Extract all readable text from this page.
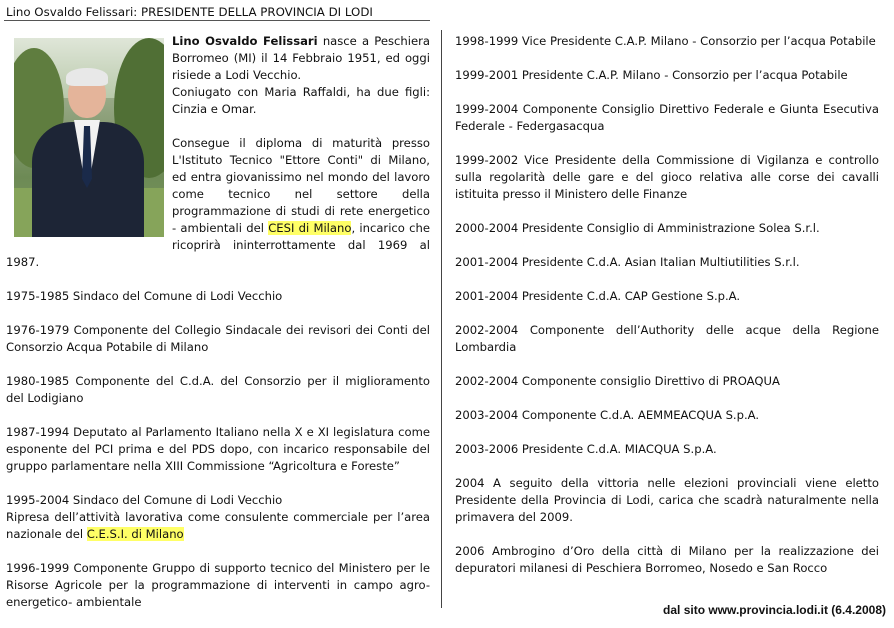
Lino Osvaldo Felissari: PRESIDENTE DELLA PROVINCIA DI LODI

Lino Osvaldo Felissari nasce a Peschiera Borromeo (MI) il 14 Febbraio 1951, ed oggi risiede a Lodi Vecchio.

Coniugato con Maria Raffaldi, ha due figli: Cinzia e Omar.

Consegue il diploma di maturità presso L'Istituto Tecnico "Ettore Conti" di Milano, ed entra giovanissimo nel mondo del lavoro come tecnico nel settore della programmazione di studi di rete energetico - ambientali del CESI di Milano, incarico che ricoprirà ininterrottamente dal 1969 al 1987.

1975-1985 Sindaco del Comune di Lodi Vecchio

1976-1979 Componente del Collegio Sindacale dei revisori dei Conti del Consorzio Acqua Potabile di Milano

1980-1985 Componente del C.d.A. del Consorzio per il miglioramento del Lodigiano

1987-1994 Deputato al Parlamento Italiano nella X e XI legislatura come esponente del PCI prima e del PDS dopo, con incarico responsabile del gruppo parlamentare nella XIII Commissione “Agricoltura e Foreste”

1995-2004 Sindaco del Comune di Lodi Vecchio
Ripresa dell’attività lavorativa come consulente commerciale per l’area nazionale del C.E.S.I. di Milano

1996-1999 Componente Gruppo di supporto tecnico del Ministero per le Risorse Agricole per la programmazione di interventi in campo agro-energetico- ambientale

1998-1999 Vice Presidente C.A.P. Milano - Consorzio per l’acqua Potabile

1999-2001 Presidente C.A.P. Milano - Consorzio per l’acqua Potabile

1999-2004 Componente Consiglio Direttivo Federale e Giunta Esecutiva Federale - Federgasacqua

1999-2002 Vice Presidente della Commissione di Vigilanza e controllo sulla regolarità delle gare e del gioco relativa alle corse dei cavalli istituita presso il Ministero delle Finanze

2000-2004 Presidente Consiglio di Amministrazione Solea S.r.l.

2001-2004 Presidente C.d.A. Asian Italian Multiutilities S.r.l.

2001-2004 Presidente C.d.A. CAP Gestione S.p.A.

2002-2004 Componente dell’Authority delle acque della Regione Lombardia

2002-2004 Componente consiglio Direttivo di PROAQUA

2003-2004 Componente C.d.A. AEMMEACQUA S.p.A.

2003-2006 Presidente C.d.A. MIACQUA S.p.A.

2004 A seguito della vittoria nelle elezioni provinciali viene eletto Presidente della Provincia di Lodi, carica che scadrà naturalmente nella primavera del 2009.

2006 Ambrogino d’Oro della città di Milano per la realizzazione dei depuratori milanesi di Peschiera Borromeo, Nosedo e San Rocco

dal sito www.provincia.lodi.it (6.4.2008)
